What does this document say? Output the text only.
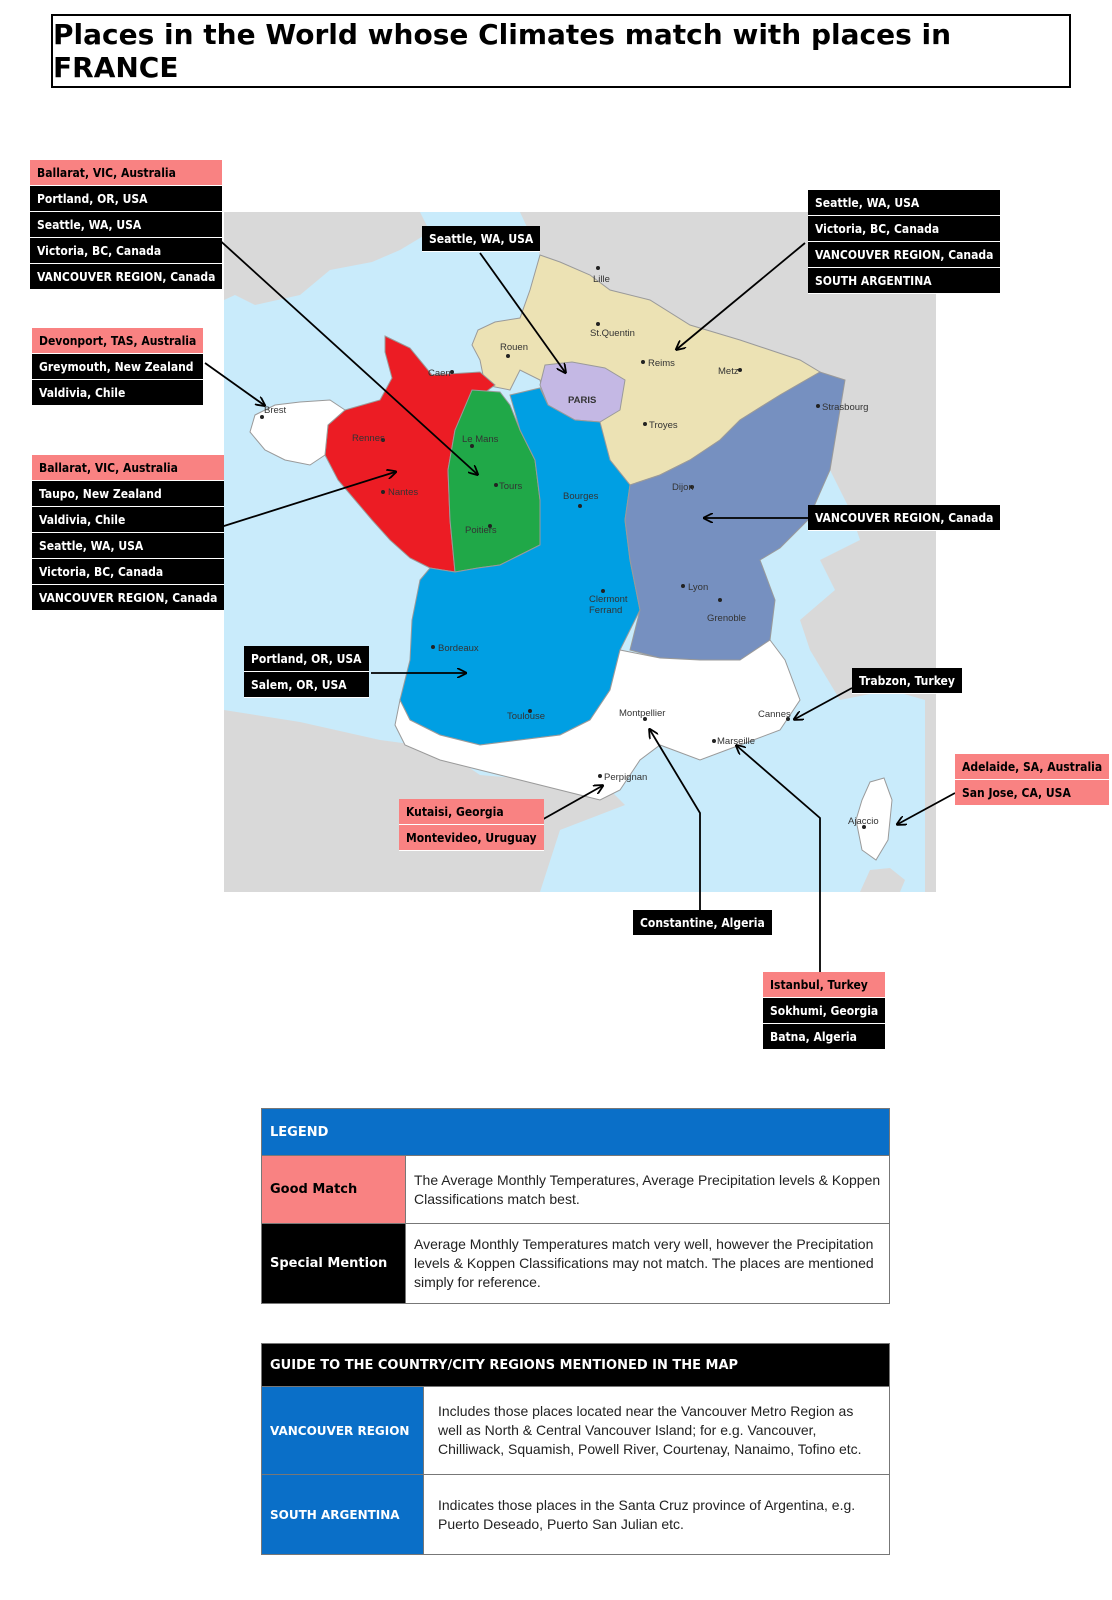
Places in the World whose Climates match with places in FRANCE
Lille
Rouen
St.Quentin
Caen
Reims
Metz
PARIS
Brest	Strasbourg
Rennes	Le Mans
Troyes
Tours
Nantes	Bourges
Dijon
Poitiers
Clermont
Ferrand
Lyon
Grenoble
Bordeaux
Toulouse	Montpellier
Marseille
Cannes
Perpignan
Ajaccio
Ballarat, VIC, Australia
Portland, OR, USA
Seattle, WA, USA
Victoria, BC, Canada
VANCOUVER REGION, Canada
Devonport, TAS, Australia
Greymouth, New Zealand
Valdivia, Chile
Ballarat, VIC, Australia
Taupo, New Zealand
Valdivia, Chile
Seattle, WA, USA
Victoria, BC, Canada
VANCOUVER REGION, Canada
Seattle, WA, USA
Seattle, WA, USA
Victoria, BC, Canada
VANCOUVER REGION, Canada
SOUTH ARGENTINA
VANCOUVER REGION, Canada
Portland, OR, USA
Salem, OR, USA	Trabzon, Turkey
Adelaide, SA, Australia
San Jose, CA, USA
Kutaisi, Georgia
Montevideo, Uruguay
Constantine, Algeria
Istanbul, Turkey
Sokhumi, Georgia
Batna, Algeria
LEGEND	
Good Match	The Average Monthly Temperatures, Average Precipitation levels & Koppen Classifications match best.
Special Mention	Average Monthly Temperatures match very well, however the Precipitation levels & Koppen Classifications may not match. The places are mentioned simply for reference.
GUIDE TO THE COUNTRY/CITY REGIONS MENTIONED IN THE MAP	
VANCOUVER REGION	Includes those places located near the Vancouver Metro Region as well as North & Central Vancouver Island; for e.g. Vancouver, Chilliwack, Squamish, Powell River, Courtenay, Nanaimo, Tofino etc.
SOUTH ARGENTINA	Indicates those places in the Santa Cruz province of Argentina, e.g. Puerto Deseado, Puerto San Julian etc.
